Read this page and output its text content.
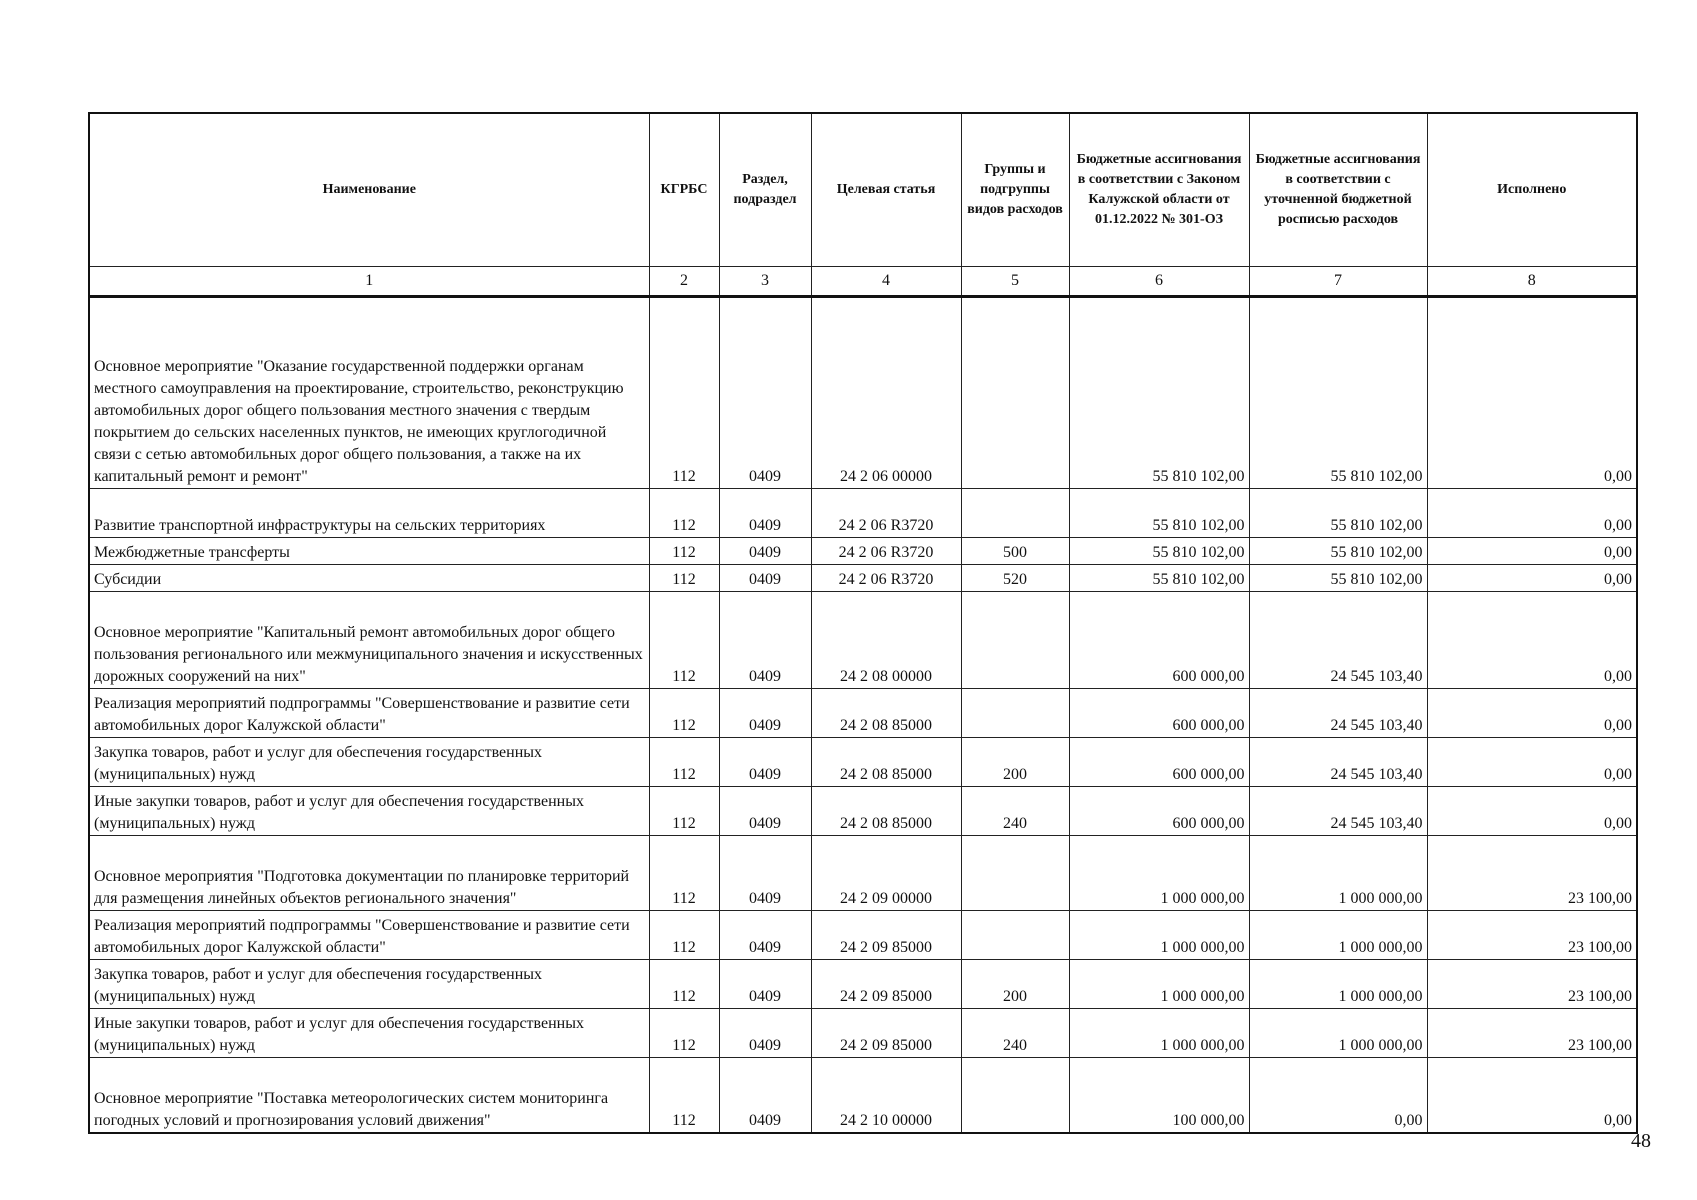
Наименование	КГРБС	Раздел, подраздел	Целевая статья	Группы и подгруппы видов расходов	Бюджетные ассигнования в соответствии с Законом Калужской области от 01.12.2022 № 301-ОЗ	Бюджетные ассигнования в соответствии с уточненной бюджетной росписью расходов	Исполнено
1	2	3	4	5	6	7	8
Основное мероприятие "Оказание государственной поддержки органам местного самоуправления на проектирование, строительство, реконструкцию автомобильных дорог общего пользования местного значения с твердым покрытием до сельских населенных пунктов, не имеющих круглогодичной связи с сетью автомобильных дорог общего пользования, а также на их капитальный ремонт и ремонт"	112	0409	24 2 06 00000		55 810 102,00	55 810 102,00	0,00
Развитие транспортной инфраструктуры на сельских территориях	112	0409	24 2 06 R3720		55 810 102,00	55 810 102,00	0,00
Межбюджетные трансферты	112	0409	24 2 06 R3720	500	55 810 102,00	55 810 102,00	0,00
Субсидии	112	0409	24 2 06 R3720	520	55 810 102,00	55 810 102,00	0,00
Основное мероприятие "Капитальный ремонт автомобильных дорог общего пользования регионального или межмуниципального значения и искусственных дорожных сооружений на них"	112	0409	24 2 08 00000		600 000,00	24 545 103,40	0,00
Реализация мероприятий подпрограммы "Совершенствование и развитие сети автомобильных дорог Калужской области"	112	0409	24 2 08 85000		600 000,00	24 545 103,40	0,00
Закупка товаров, работ и услуг для обеспечения государственных (муниципальных) нужд	112	0409	24 2 08 85000	200	600 000,00	24 545 103,40	0,00
Иные закупки товаров, работ и услуг для обеспечения государственных (муниципальных) нужд	112	0409	24 2 08 85000	240	600 000,00	24 545 103,40	0,00
Основное мероприятия "Подготовка документации по планировке территорий для размещения линейных объектов регионального значения"	112	0409	24 2 09 00000		1 000 000,00	1 000 000,00	23 100,00
Реализация мероприятий подпрограммы "Совершенствование и развитие сети автомобильных дорог Калужской области"	112	0409	24 2 09 85000		1 000 000,00	1 000 000,00	23 100,00
Закупка товаров, работ и услуг для обеспечения государственных (муниципальных) нужд	112	0409	24 2 09 85000	200	1 000 000,00	1 000 000,00	23 100,00
Иные закупки товаров, работ и услуг для обеспечения государственных (муниципальных) нужд	112	0409	24 2 09 85000	240	1 000 000,00	1 000 000,00	23 100,00
Основное мероприятие "Поставка метеорологических систем мониторинга погодных условий и прогнозирования условий движения"	112	0409	24 2 10 00000		100 000,00	0,00	0,00
48
